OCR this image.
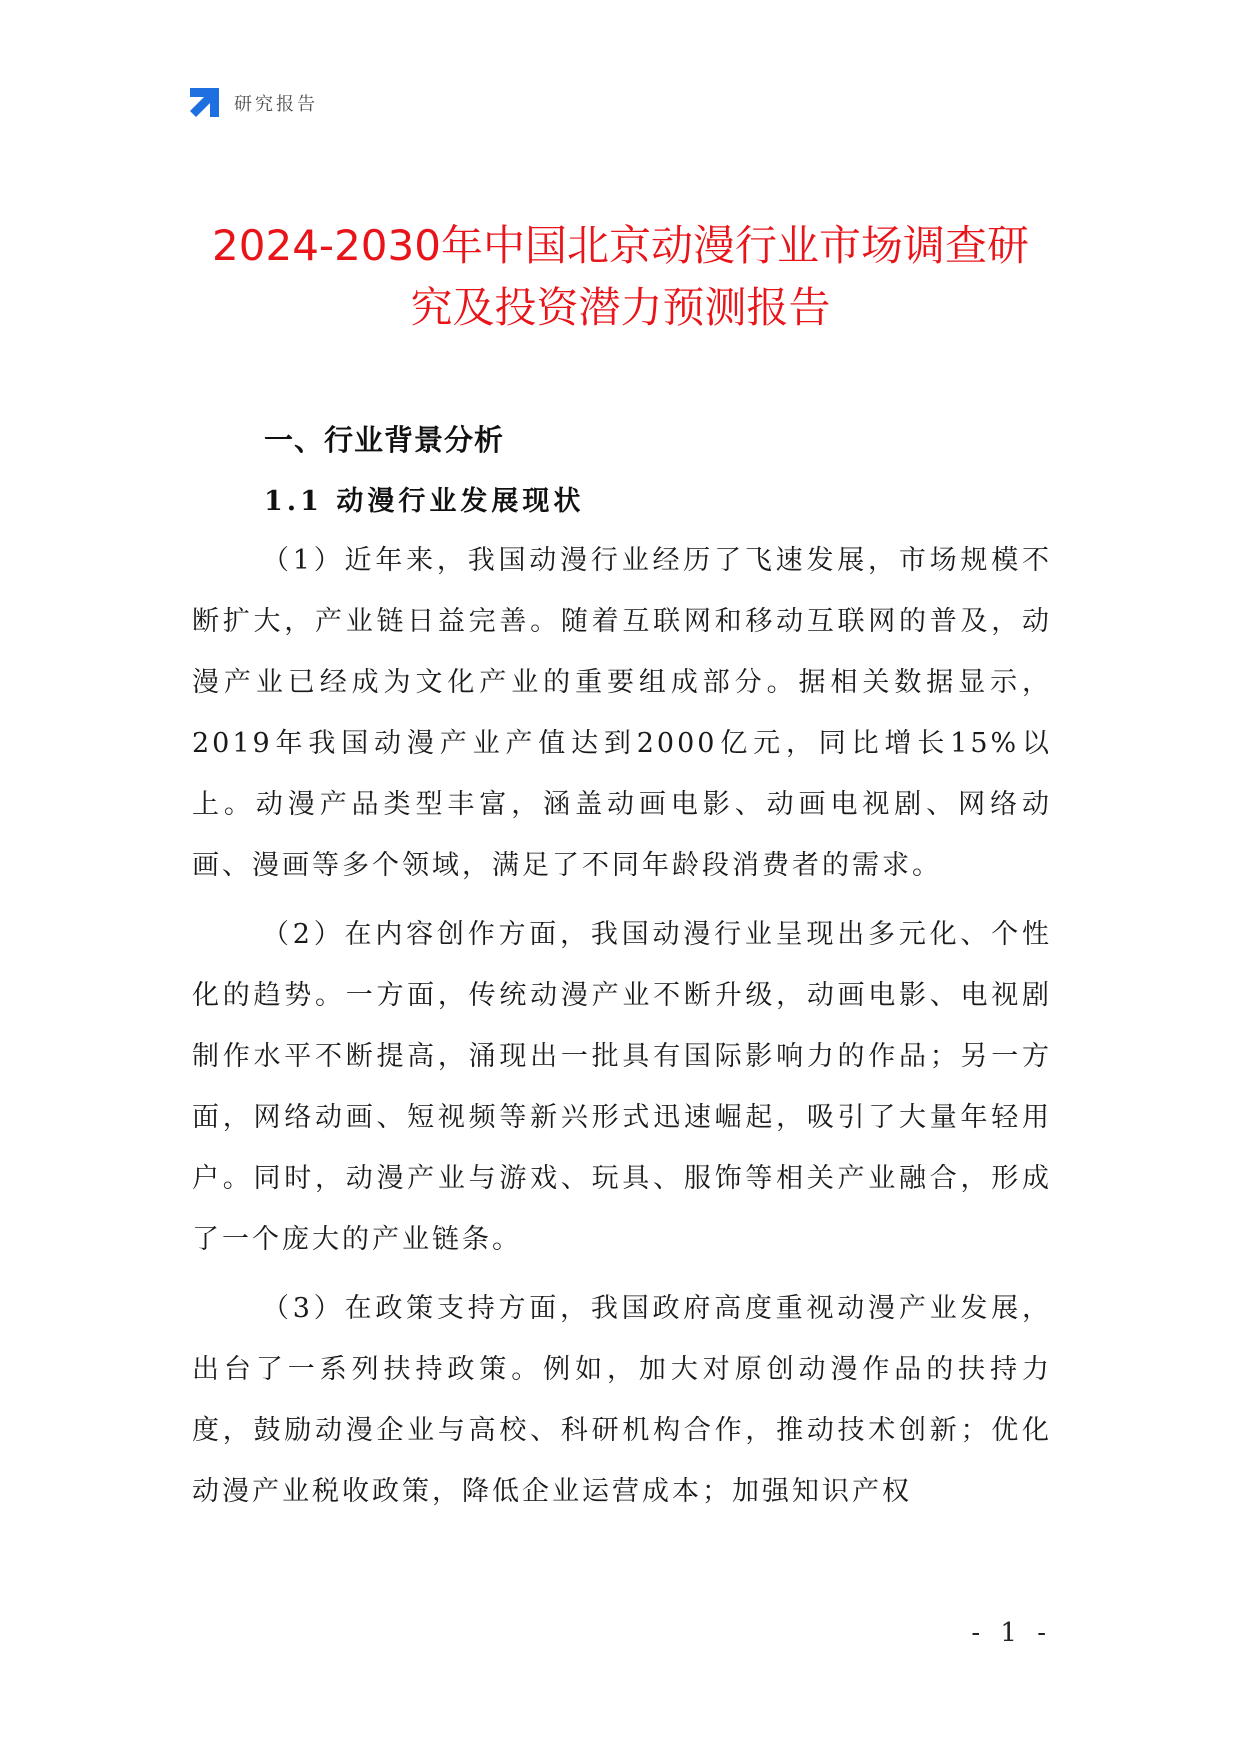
研究报告
2024-2030年中国北京动漫行业市场调查研
究及投资潜力预测报告
一、行业背景分析
1.1 动漫行业发展现状

（1）近年来，我国动漫行业经历了飞速发展，市场规模不断扩大，产业链日益完善。随着互联网和移动互联网的普及，动漫产业已经成为文化产业的重要组成部分。据相关数据显示，2019年我国动漫产业产值达到2000亿元，同比增长15%以上。动漫产品类型丰富，涵盖动画电影、动画电视剧、网络动画、漫画等多个领域，满足了不同年龄段消费者的需求。

（2）在内容创作方面，我国动漫行业呈现出多元化、个性化的趋势。一方面，传统动漫产业不断升级，动画电影、电视剧制作水平不断提高，涌现出一批具有国际影响力的作品；另一方面，网络动画、短视频等新兴形式迅速崛起，吸引了大量年轻用户。同时，动漫产业与游戏、玩具、服饰等相关产业融合，形成了一个庞大的产业链条。

（3）在政策支持方面，我国政府高度重视动漫产业发展，出台了一系列扶持政策。例如，加大对原创动漫作品的扶持力度，鼓励动漫企业与高校、科研机构合作，推动技术创新；优化动漫产业税收政策，降低企业运营成本；加强知识产权

- 1 -
